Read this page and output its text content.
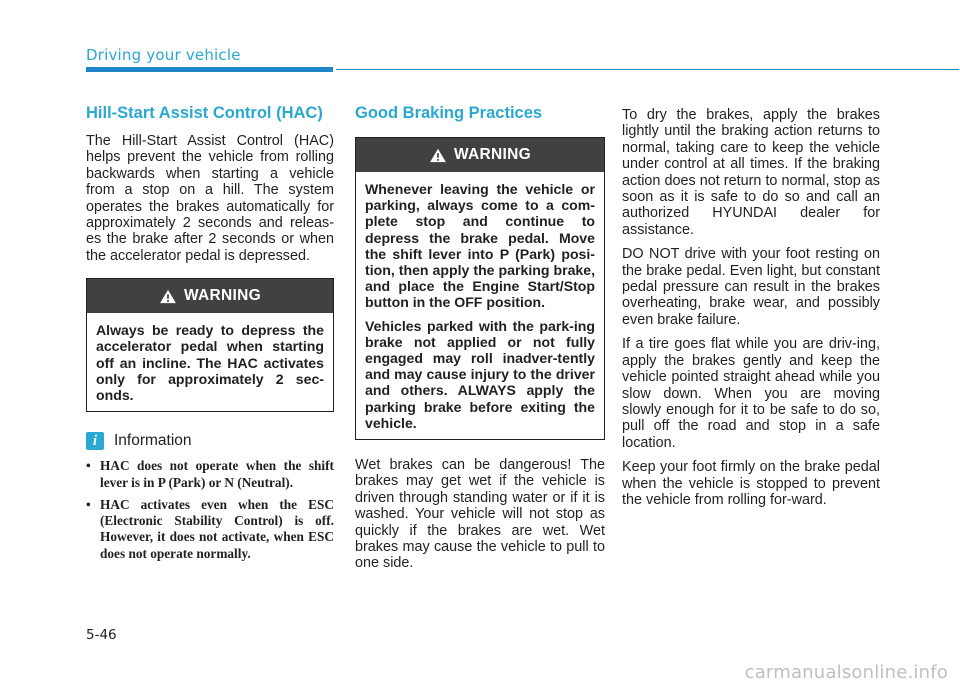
Driving your vehicle
Hill-Start Assist Control (HAC)

The Hill-Start Assist Control (HAC) helps prevent the vehicle from rolling backwards when starting a vehicle from a stop on a hill. The system operates the brakes automatically for approximately 2 seconds and releas-es the brake after 2 seconds or when the accelerator pedal is depressed.

WARNING

Always be ready to depress the accelerator pedal when starting off an incline. The HAC activates only for approximately 2 sec-onds.

i	Information
• HAC does not operate when the shift lever is in P (Park) or N (Neutral).
• HAC activates even when the ESC (Electronic Stability Control) is off. However, it does not activate, when ESC does not operate normally.
Good Braking Practices
WARNING

Whenever leaving the vehicle or parking, always come to a com-plete stop and continue to depress the brake pedal. Move the shift lever into P (Park) posi-tion, then apply the parking brake, and place the Engine Start/Stop button in the OFF position.

Vehicles parked with the park-ing brake not applied or not fully engaged may roll inadver-tently and may cause injury to the driver and others. ALWAYS apply the parking brake before exiting the vehicle.

Wet brakes can be dangerous! The brakes may get wet if the vehicle is driven through standing water or if it is washed. Your vehicle will not stop as quickly if the brakes are wet. Wet brakes may cause the vehicle to pull to one side.

To dry the brakes, apply the brakes lightly until the braking action returns to normal, taking care to keep the vehicle under control at all times. If the braking action does not return to normal, stop as soon as it is safe to do so and call an authorized HYUNDAI dealer for assistance.

DO NOT drive with your foot resting on the brake pedal. Even light, but constant pedal pressure can result in the brakes overheating, brake wear, and possibly even brake failure.

If a tire goes flat while you are driv-ing, apply the brakes gently and keep the vehicle pointed straight ahead while you slow down. When you are moving slowly enough for it to be safe to do so, pull off the road and stop in a safe location.

Keep your foot firmly on the brake pedal when the vehicle is stopped to prevent the vehicle from rolling for-ward.

5-46
carmanualsonline.info
